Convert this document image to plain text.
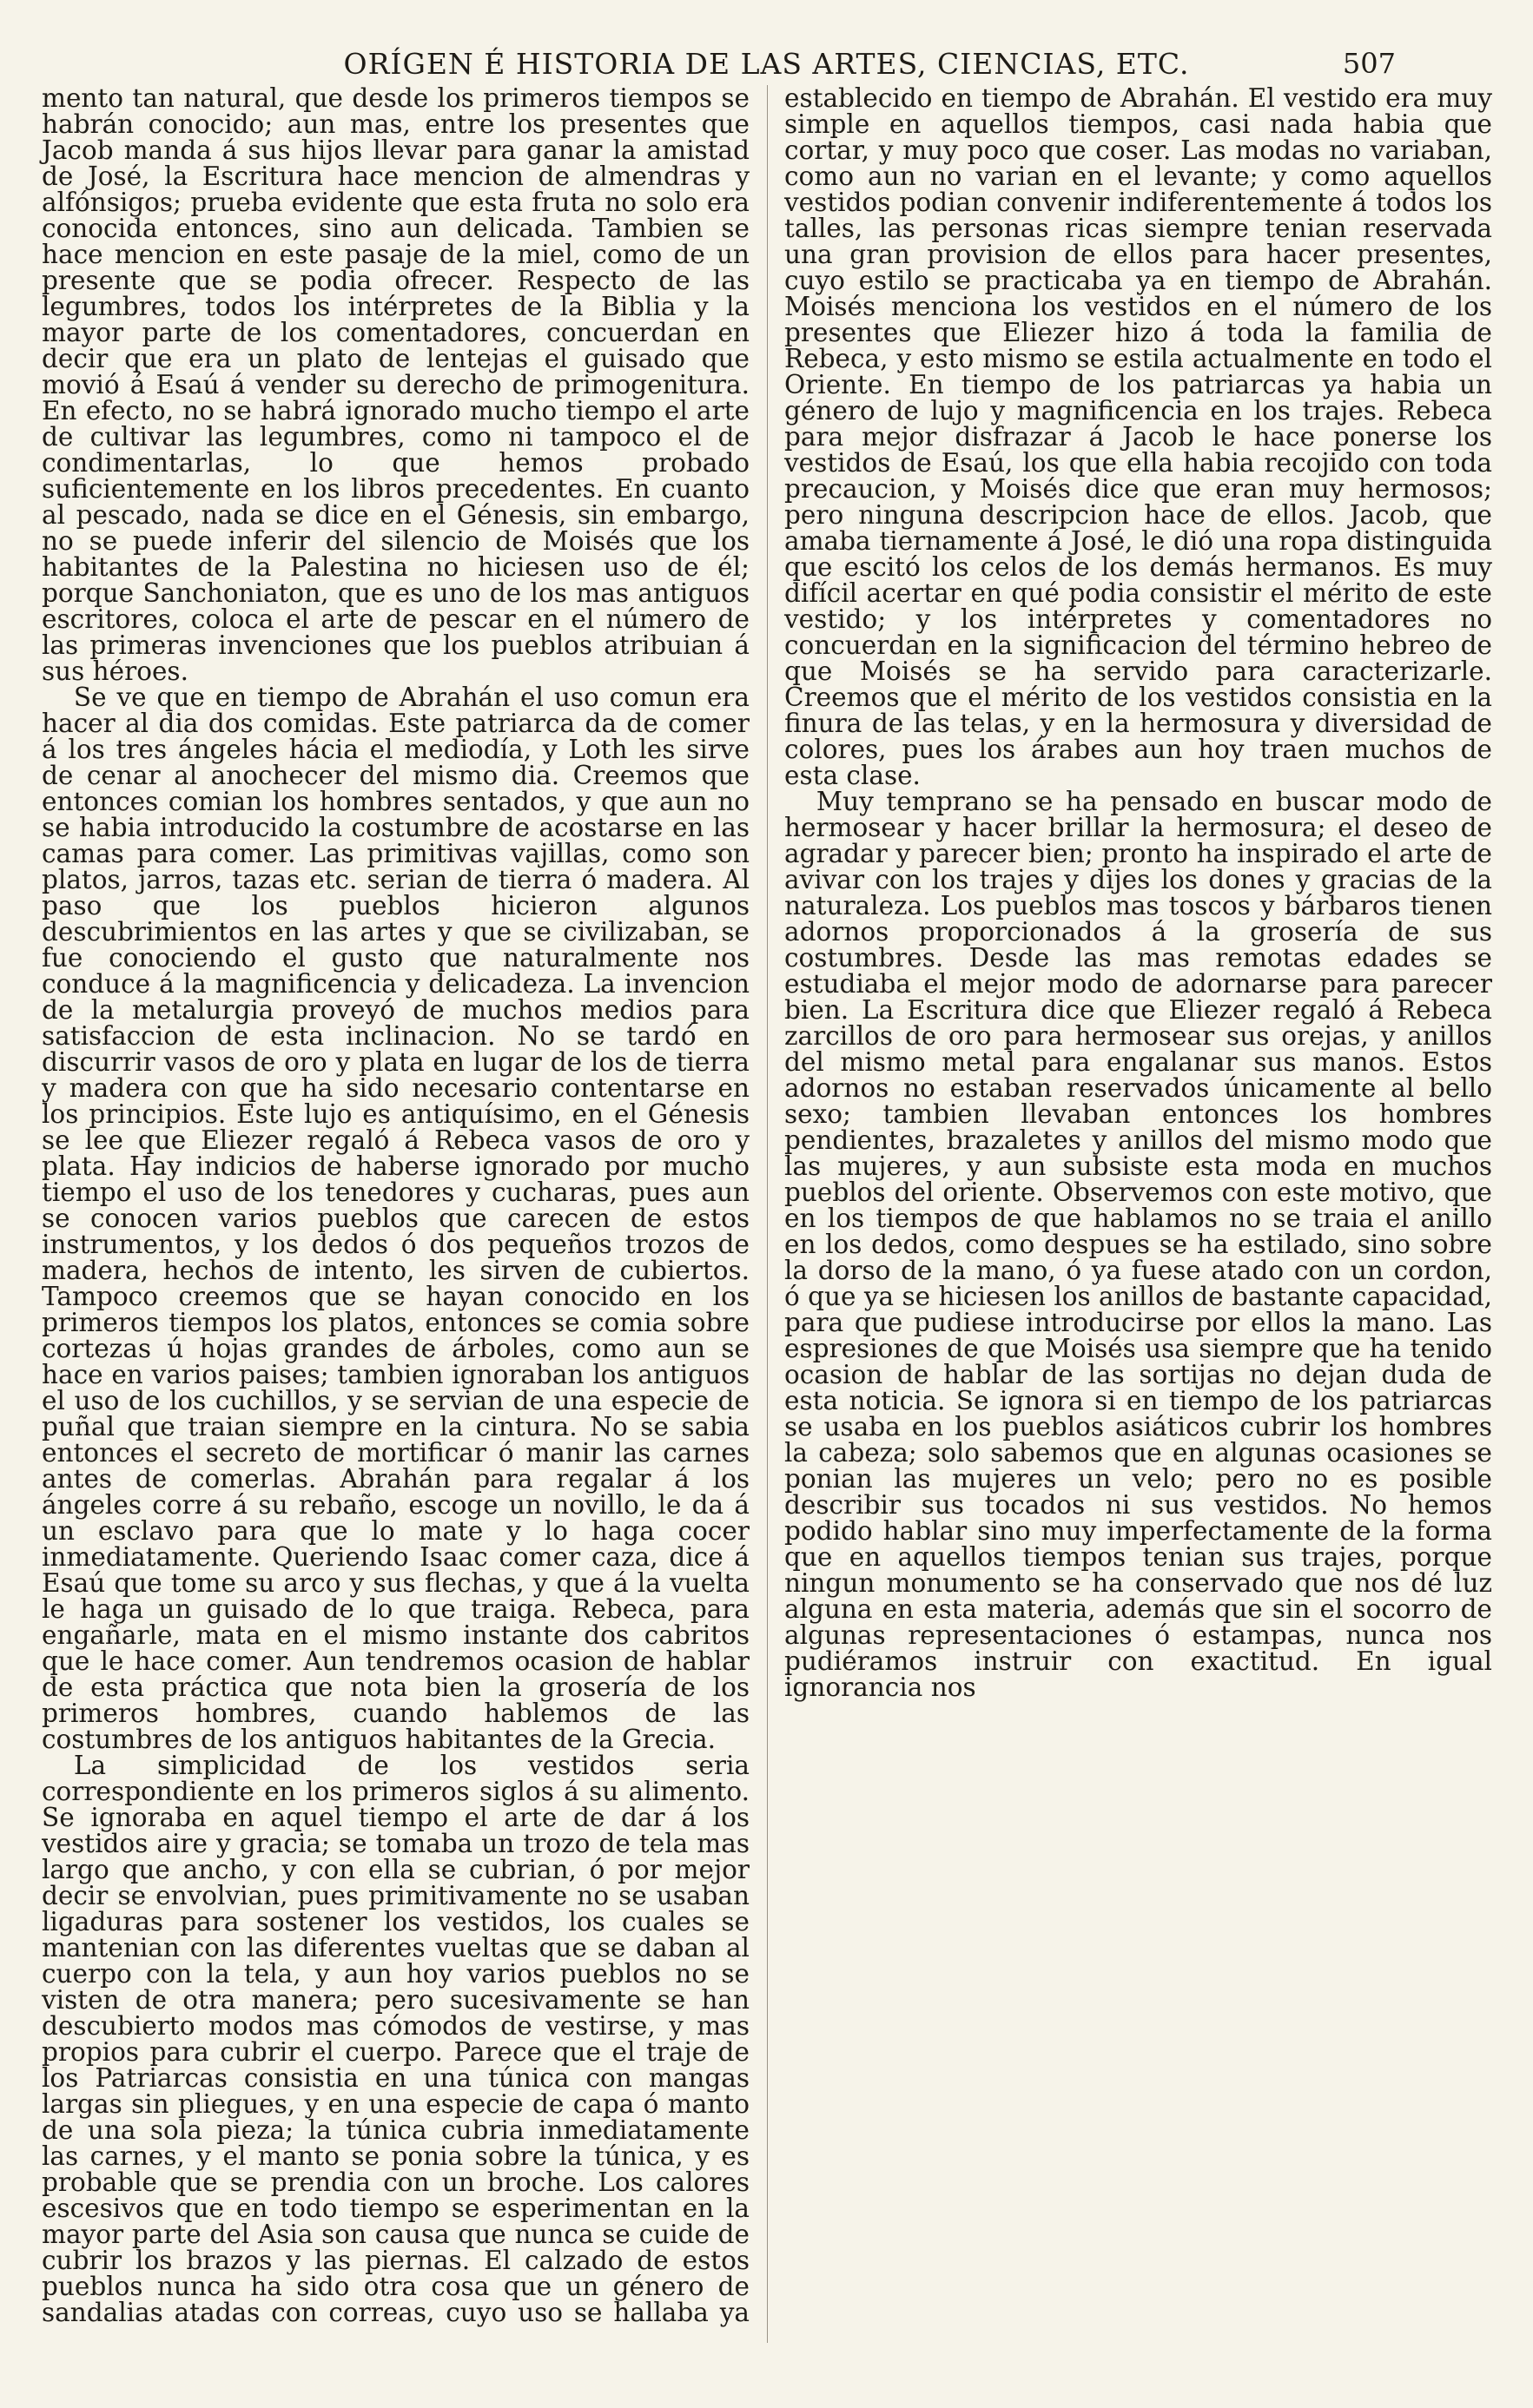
ORÍGEN É HISTORIA DE LAS ARTES, CIENCIAS, ETC.	507

mento tan natural, que desde los primeros tiempos se habrán conocido; aun mas, entre los presentes que Jacob manda á sus hijos llevar para ganar la amistad de José, la Escritura hace mencion de almendras y alfónsigos; prueba evidente que esta fruta no solo era conocida entonces, sino aun delicada. Tambien se hace mencion en este pasaje de la miel, como de un presente que se podia ofrecer. Respecto de las legumbres, todos los intérpretes de la Biblia y la mayor parte de los comentadores, concuerdan en decir que era un plato de lentejas el guisado que movió á Esaú á vender su derecho de primogenitura. En efecto, no se habrá ignorado mucho tiempo el arte de cultivar las legumbres, como ni tampoco el de condimentarlas, lo que hemos probado suficientemente en los libros precedentes. En cuanto al pescado, nada se dice en el Génesis, sin embargo, no se puede inferir del silencio de Moisés que los habitantes de la Palestina no hiciesen uso de él; porque Sanchoniaton, que es uno de los mas antiguos escritores, coloca el arte de pescar en el número de las primeras invenciones que los pueblos atribuian á sus héroes.

Se ve que en tiempo de Abrahán el uso comun era hacer al dia dos comidas. Este patriarca da de comer á los tres ángeles hácia el mediodía, y Loth les sirve de cenar al anochecer del mismo dia. Creemos que entonces comian los hombres sentados, y que aun no se habia introducido la costumbre de acostarse en las camas para comer. Las primitivas vajillas, como son platos, jarros, tazas etc. serian de tierra ó madera. Al paso que los pueblos hicieron algunos descubrimientos en las artes y que se civilizaban, se fue conociendo el gusto que naturalmente nos conduce á la magnificencia y delicadeza. La invencion de la metalurgia proveyó de muchos medios para satisfaccion de esta inclinacion. No se tardó en discurrir vasos de oro y plata en lugar de los de tierra y madera con que ha sido necesario contentarse en los principios. Este lujo es antiquísimo, en el Génesis se lee que Eliezer regaló á Rebeca vasos de oro y plata. Hay indicios de haberse ignorado por mucho tiempo el uso de los tenedores y cucharas, pues aun se conocen varios pueblos que carecen de estos instrumentos, y los dedos ó dos pequeños trozos de madera, hechos de intento, les sirven de cubiertos. Tampoco creemos que se hayan conocido en los primeros tiempos los platos, entonces se comia sobre cortezas ú hojas grandes de árboles, como aun se hace en varios paises; tambien ignoraban los antiguos el uso de los cuchillos, y se servian de una especie de puñal que traian siempre en la cintura. No se sabia entonces el secreto de mortificar ó manir las carnes antes de comerlas. Abrahán para regalar á los ángeles corre á su rebaño, escoge un novillo, le da á un esclavo para que lo mate y lo haga cocer inmediatamente. Queriendo Isaac comer caza, dice á Esaú que tome su arco y sus flechas, y que á la vuelta le haga un guisado de lo que traiga. Rebeca, para engañarle, mata en el mismo instante dos cabritos que le hace comer. Aun tendremos ocasion de hablar de esta práctica que nota bien la grosería de los primeros hombres, cuando hablemos de las costumbres de los antiguos habitantes de la Grecia.

La simplicidad de los vestidos seria correspondiente en los primeros siglos á su alimento. Se ignoraba en aquel tiempo el arte de dar á los vestidos aire y gracia; se tomaba un trozo de tela mas largo que ancho, y con ella se cubrian, ó por mejor decir se envolvian, pues primitivamente no se usaban ligaduras para sostener los vestidos, los cuales se mantenian con las diferentes vueltas que se daban al cuerpo con la tela, y aun hoy varios pueblos no se visten de otra manera; pero sucesivamente se han descubierto modos mas cómodos de vestirse, y mas propios para cubrir el cuerpo. Parece que el traje de los Patriarcas consistia en una túnica con mangas largas sin pliegues, y en una especie de capa ó manto de una sola pieza; la túnica cubria inmediatamente las carnes, y el manto se ponia sobre la túnica, y es probable que se prendia con un broche. Los calores escesivos que en todo tiempo se esperimentan en la mayor parte del Asia son causa que nunca se cuide de cubrir los brazos y las piernas. El calzado de estos pueblos nunca ha sido otra cosa que un género de sandalias atadas con correas, cuyo uso se hallaba ya establecido en tiempo de Abrahán. El vestido era muy simple en aquellos tiempos, casi nada habia que cortar, y muy poco que coser. Las modas no variaban, como aun no varian en el levante; y como aquellos vestidos podian convenir indiferentemente á todos los talles, las personas ricas siempre tenian reservada una gran provision de ellos para hacer presentes, cuyo estilo se practicaba ya en tiempo de Abrahán. Moisés menciona los vestidos en el número de los presentes que Eliezer hizo á toda la familia de Rebeca, y esto mismo se estila actualmente en todo el Oriente. En tiempo de los patriarcas ya habia un género de lujo y magnificencia en los trajes. Rebeca para mejor disfrazar á Jacob le hace ponerse los vestidos de Esaú, los que ella habia recojido con toda precaucion, y Moisés dice que eran muy hermosos; pero ninguna descripcion hace de ellos. Jacob, que amaba tiernamente á José, le dió una ropa distinguida que escitó los celos de los demás hermanos. Es muy difícil acertar en qué podia consistir el mérito de este vestido; y los intérpretes y comentadores no concuerdan en la significacion del término hebreo de que Moisés se ha servido para caracterizarle. Creemos que el mérito de los vestidos consistia en la finura de las telas, y en la hermosura y diversidad de colores, pues los árabes aun hoy traen muchos de esta clase.

Muy temprano se ha pensado en buscar modo de hermosear y hacer brillar la hermosura; el deseo de agradar y parecer bien; pronto ha inspirado el arte de avivar con los trajes y dijes los dones y gracias de la naturaleza. Los pueblos mas toscos y bárbaros tienen adornos proporcionados á la grosería de sus costumbres. Desde las mas remotas edades se estudiaba el mejor modo de adornarse para parecer bien. La Escritura dice que Eliezer regaló á Rebeca zarcillos de oro para hermosear sus orejas, y anillos del mismo metal para engalanar sus manos. Estos adornos no estaban reservados únicamente al bello sexo; tambien llevaban entonces los hombres pendientes, brazaletes y anillos del mismo modo que las mujeres, y aun subsiste esta moda en muchos pueblos del oriente. Observemos con este motivo, que en los tiempos de que hablamos no se traia el anillo en los dedos, como despues se ha estilado, sino sobre la dorso de la mano, ó ya fuese atado con un cordon, ó que ya se hiciesen los anillos de bastante capacidad, para que pudiese introducirse por ellos la mano. Las espresiones de que Moisés usa siempre que ha tenido ocasion de hablar de las sortijas no dejan duda de esta noticia. Se ignora si en tiempo de los patriarcas se usaba en los pueblos asiáticos cubrir los hombres la cabeza; solo sabemos que en algunas ocasiones se ponian las mujeres un velo; pero no es posible describir sus tocados ni sus vestidos. No hemos podido hablar sino muy imperfectamente de la forma que en aquellos tiempos tenian sus trajes, porque ningun monumento se ha conservado que nos dé luz alguna en esta materia, además que sin el socorro de algunas representaciones ó estampas, nunca nos pudiéramos instruir con exactitud. En igual ignorancia nos
